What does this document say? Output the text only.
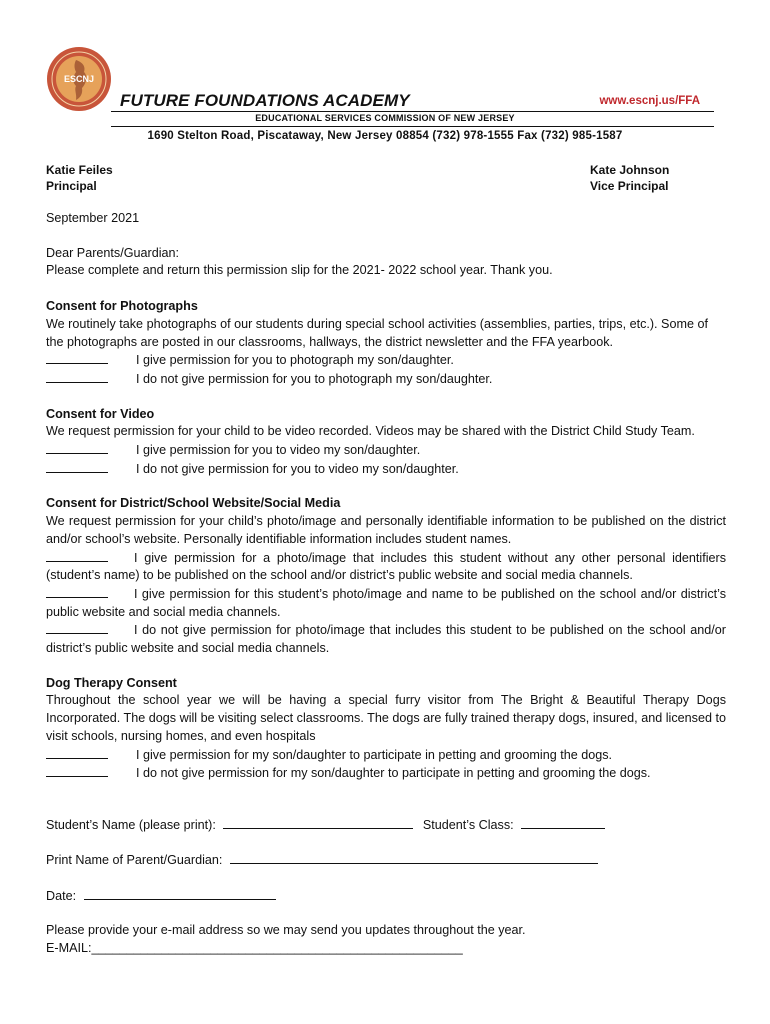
ESCNJ
FUTURE FOUNDATIONS ACADEMY	www.escnj.us/FFA
EDUCATIONAL SERVICES COMMISSION OF NEW JERSEY
1690 Stelton Road, Piscataway, New Jersey 08854 (732) 978-1555 Fax (732) 985-1587
Katie Feiles
Principal
Kate Johnson
Vice Principal

September 2021

Dear Parents/Guardian:

Please complete and return this permission slip for the 2021- 2022 school year. Thank you.

Consent for Photographs

We routinely take photographs of our students during special school activities (assemblies, parties, trips, etc.). Some of the photographs are posted in our classrooms, hallways, the district newsletter and the FFA yearbook.

I give permission for you to photograph my son/daughter.

I do not give permission for you to photograph my son/daughter.

Consent for Video

We request permission for your child to be video recorded. Videos may be shared with the District Child Study Team.

I give permission for you to video my son/daughter.

I do not give permission for you to video my son/daughter.

Consent for District/School Website/Social Media

We request permission for your child’s photo/image and personally identifiable information to be published on the district and/or school’s website. Personally identifiable information includes student names.

I give permission for a photo/image that includes this student without any other personal identifiers (student’s name) to be published on the school and/or district’s public website and social media channels.

I give permission for this student’s photo/image and name to be published on the school and/or district’s public website and social media channels.

I do not give permission for photo/image that includes this student to be published on the school and/or district’s public website and social media channels.

Dog Therapy Consent

Throughout the school year we will be having a special furry visitor from The Bright & Beautiful Therapy Dogs Incorporated. The dogs will be visiting select classrooms. The dogs are fully trained therapy dogs, insured, and licensed to visit schools, nursing homes, and even hospitals

I give permission for my son/daughter to participate in petting and grooming the dogs.

I do not give permission for my son/daughter to participate in petting and grooming the dogs.

Student’s Name (please print):	Student’s Class:
Print Name of Parent/Guardian:
Date:
Please provide your e-mail address so we may send you updates throughout the year.
E-MAIL:_____________________________________________________
